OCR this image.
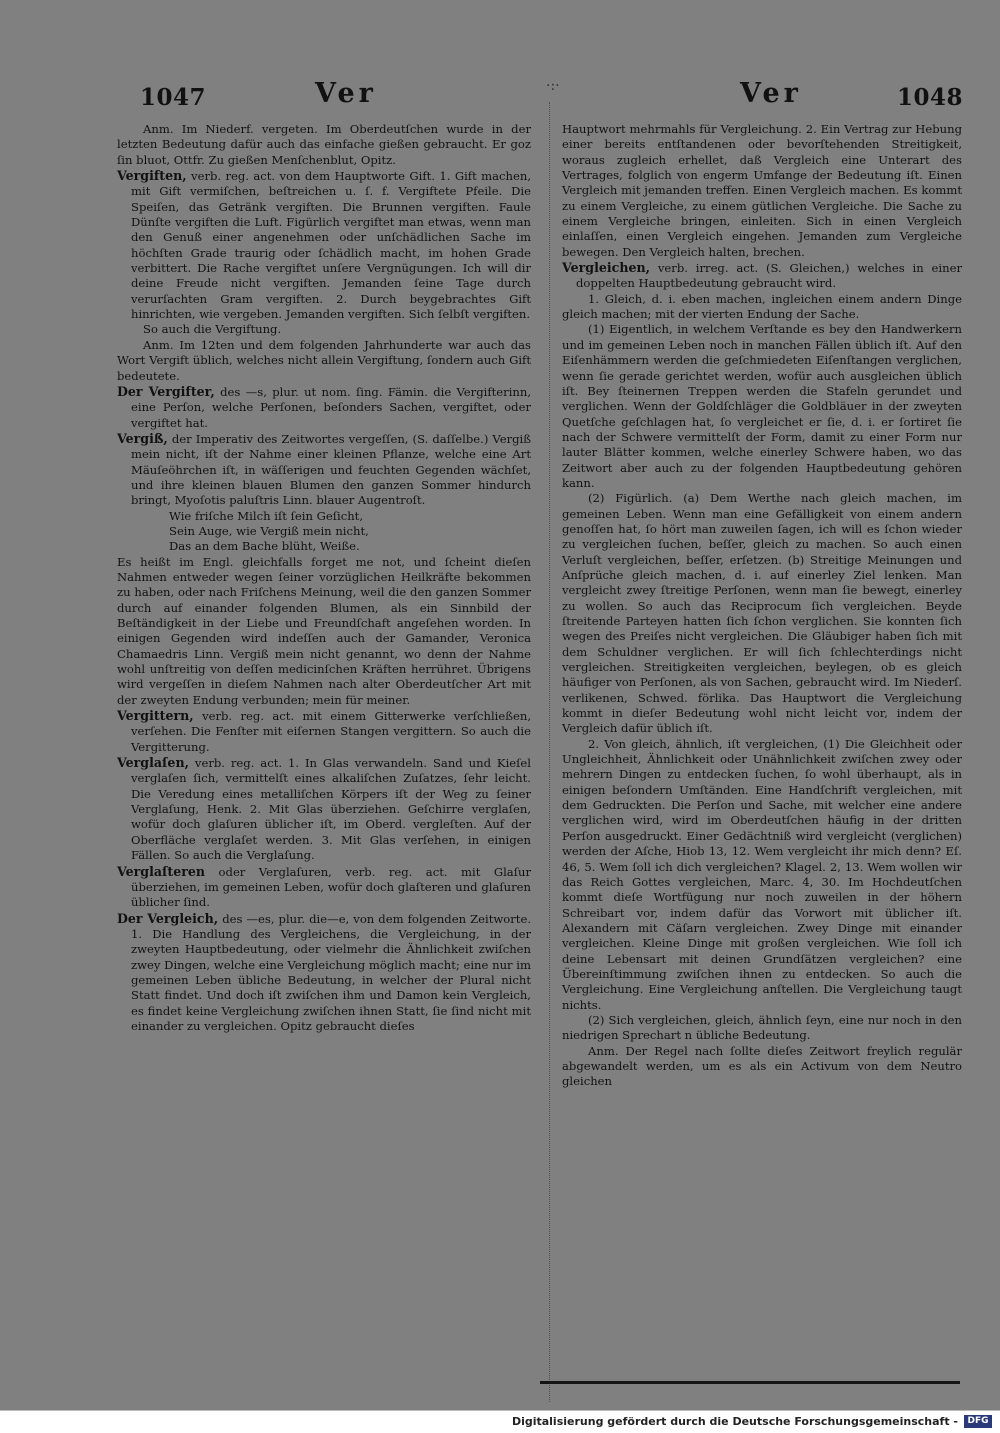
1047	Ver	·:·	Ver	1048

Anm. Im Niederf. vergeten. Im Oberdeutſchen wurde in der letzten Bedeutung dafür auch das einfache gießen gebraucht. Er goz ſin bluot, Ottfr. Zu gießen Menſchenblut, Opitz.

Vergiften, verb. reg. act. von dem Hauptworte Gift. 1. Gift machen, mit Gift vermiſchen, beſtreichen u. ſ. f. Vergiftete Pfeile. Die Speiſen, das Getränk vergiften. Die Brunnen vergiften. Faule Dünſte vergiften die Luft. Figürlich vergiftet man etwas, wenn man den Genuß einer angenehmen oder unſchädlichen Sache im höchſten Grade traurig oder ſchädlich macht, im hohen Grade verbittert. Die Rache vergiftet unſere Vergnügungen. Ich will dir deine Freude nicht vergiften. Jemanden ſeine Tage durch verurſachten Gram vergiften. 2. Durch beygebrachtes Gift hinrichten, wie vergeben. Jemanden vergiften. Sich ſelbſt vergiften.

So auch die Vergiftung.

Anm. Im 12ten und dem folgenden Jahrhunderte war auch das Wort Vergift üblich, welches nicht allein Vergiftung, ſondern auch Gift bedeutete.

Der Vergifter, des —s, plur. ut nom. ſing. Fämin. die Vergifterinn, eine Perſon, welche Perſonen, beſonders Sachen, vergiftet, oder vergiftet hat.

Vergiß, der Imperativ des Zeitwortes vergeſſen, (S. daſſelbe.) Vergiß mein nicht, iſt der Nahme einer kleinen Pflanze, welche eine Art Mäuſeöhrchen iſt, in wäſſerigen und feuchten Gegenden wächſet, und ihre kleinen blauen Blumen den ganzen Sommer hindurch bringt, Myoſotis paluſtris Linn. blauer Augentroſt.

Wie friſche Milch iſt ſein Geſicht,

Sein Auge, wie Vergiß mein nicht,

Das an dem Bache blüht, Weiße.

Es heißt im Engl. gleichfalls forget me not, und ſcheint dieſen Nahmen entweder wegen ſeiner vorzüglichen Heilkräfte bekommen zu haben, oder nach Friſchens Meinung, weil die den ganzen Sommer durch auf einander folgenden Blumen, als ein Sinnbild der Beſtändigkeit in der Liebe und Freundſchaft angeſehen worden. In einigen Gegenden wird indeſſen auch der Gamander, Veronica Chamaedris Linn. Vergiß mein nicht genannt, wo denn der Nahme wohl unſtreitig von deſſen medicinſchen Kräften herrühret. Übrigens wird vergeſſen in dieſem Nahmen nach alter Oberdeutſcher Art mit der zweyten Endung verbunden; mein für meiner.

Vergittern, verb. reg. act. mit einem Gitterwerke verſchließen, verſehen. Die Fenſter mit eiſernen Stangen vergittern. So auch die Vergitterung.

Verglaſen, verb. reg. act. 1. In Glas verwandeln. Sand und Kieſel verglaſen ſich, vermittelſt eines alkaliſchen Zuſatzes, ſehr leicht. Die Veredung eines metalliſchen Körpers iſt der Weg zu ſeiner Verglaſung, Henk. 2. Mit Glas überziehen. Geſchirre verglaſen, wofür doch glaſuren üblicher iſt, im Oberd. vergleſten. Auf der Oberfläche verglaſet werden. 3. Mit Glas verſehen, in einigen Fällen. So auch die Verglaſung.

Verglaſteren oder Verglaſuren, verb. reg. act. mit Glaſur überziehen, im gemeinen Leben, wofür doch glaſteren und glaſuren üblicher ſind.

Der Vergleich, des —es, plur. die—e, von dem folgenden Zeitworte. 1. Die Handlung des Vergleichens, die Vergleichung, in der zweyten Hauptbedeutung, oder vielmehr die Ähnlichkeit zwiſchen zwey Dingen, welche eine Vergleichung möglich macht; eine nur im gemeinen Leben übliche Bedeutung, in welcher der Plural nicht Statt findet. Und doch iſt zwiſchen ihm und Damon kein Vergleich, es findet keine Vergleichung zwiſchen ihnen Statt, ſie ſind nicht mit einander zu vergleichen. Opitz gebraucht dieſes

Hauptwort mehrmahls für Vergleichung. 2. Ein Vertrag zur Hebung einer bereits entſtandenen oder bevorſtehenden Streitigkeit, woraus zugleich erhellet, daß Vergleich eine Unterart des Vertrages, folglich von engerm Umfange der Bedeutung iſt. Einen Vergleich mit jemanden treffen. Einen Vergleich machen. Es kommt zu einem Vergleiche, zu einem gütlichen Vergleiche. Die Sache zu einem Vergleiche bringen, einleiten. Sich in einen Vergleich einlaſſen, einen Vergleich eingehen. Jemanden zum Vergleiche bewegen. Den Vergleich halten, brechen.

Vergleichen, verb. irreg. act. (S. Gleichen,) welches in einer doppelten Hauptbedeutung gebraucht wird.

1. Gleich, d. i. eben machen, ingleichen einem andern Dinge gleich machen; mit der vierten Endung der Sache.

(1) Eigentlich, in welchem Verſtande es bey den Handwerkern und im gemeinen Leben noch in manchen Fällen üblich iſt. Auf den Eiſenhämmern werden die geſchmiedeten Eiſenſtangen verglichen, wenn ſie gerade gerichtet werden, wofür auch ausgleichen üblich iſt. Bey ſteinernen Treppen werden die Stafeln gerundet und verglichen. Wenn der Goldſchläger die Goldbläuer in der zweyten Quetſche geſchlagen hat, ſo vergleichet er ſie, d. i. er ſortiret ſie nach der Schwere vermittelſt der Form, damit zu einer Form nur lauter Blätter kommen, welche einerley Schwere haben, wo das Zeitwort aber auch zu der folgenden Hauptbedeutung gehören kann.

(2) Figürlich. (a) Dem Werthe nach gleich machen, im gemeinen Leben. Wenn man eine Gefälligkeit von einem andern genoſſen hat, ſo hört man zuweilen ſagen, ich will es ſchon wieder zu vergleichen ſuchen, beſſer, gleich zu machen. So auch einen Verluſt vergleichen, beſſer, erſetzen. (b) Streitige Meinungen und Anſprüche gleich machen, d. i. auf einerley Ziel lenken. Man vergleicht zwey ſtreitige Perſonen, wenn man ſie bewegt, einerley zu wollen. So auch das Reciprocum ſich vergleichen. Beyde ſtreitende Parteyen hatten ſich ſchon verglichen. Sie konnten ſich wegen des Preiſes nicht vergleichen. Die Gläubiger haben ſich mit dem Schuldner verglichen. Er will ſich ſchlechterdings nicht vergleichen. Streitigkeiten vergleichen, beylegen, ob es gleich häufiger von Perſonen, als von Sachen, gebraucht wird. Im Niederſ. verlikenen, Schwed. förlika. Das Hauptwort die Vergleichung kommt in dieſer Bedeutung wohl nicht leicht vor, indem der Vergleich dafür üblich iſt.

2. Von gleich, ähnlich, iſt vergleichen, (1) Die Gleichheit oder Ungleichheit, Ähnlichkeit oder Unähnlichkeit zwiſchen zwey oder mehrern Dingen zu entdecken ſuchen, ſo wohl überhaupt, als in einigen beſondern Umſtänden. Eine Handſchrift vergleichen, mit dem Gedruckten. Die Perſon und Sache, mit welcher eine andere verglichen wird, wird im Oberdeutſchen häufig in der dritten Perſon ausgedruckt. Einer Gedächtniß wird vergleicht (verglichen) werden der Aſche, Hiob 13, 12. Wem vergleicht ihr mich denn? Eſ. 46, 5. Wem ſoll ich dich vergleichen? Klagel. 2, 13. Wem wollen wir das Reich Gottes vergleichen, Marc. 4, 30. Im Hochdeutſchen kommt dieſe Wortfügung nur noch zuweilen in der höhern Schreibart vor, indem dafür das Vorwort mit üblicher iſt. Alexandern mit Cäſarn vergleichen. Zwey Dinge mit einander vergleichen. Kleine Dinge mit großen vergleichen. Wie ſoll ich deine Lebensart mit deinen Grundſätzen vergleichen? eine Übereinſtimmung zwiſchen ihnen zu entdecken. So auch die Vergleichung. Eine Vergleichung anſtellen. Die Vergleichung taugt nichts.

(2) Sich vergleichen, gleich, ähnlich ſeyn, eine nur noch in den niedrigen Sprechart n übliche Bedeutung.

Anm. Der Regel nach ſollte dieſes Zeitwort freylich regulär abgewandelt werden, um es als ein Activum von dem Neutro gleichen

Digitalisierung gefördert durch die Deutsche Forschungsgemeinschaft -	DFG
